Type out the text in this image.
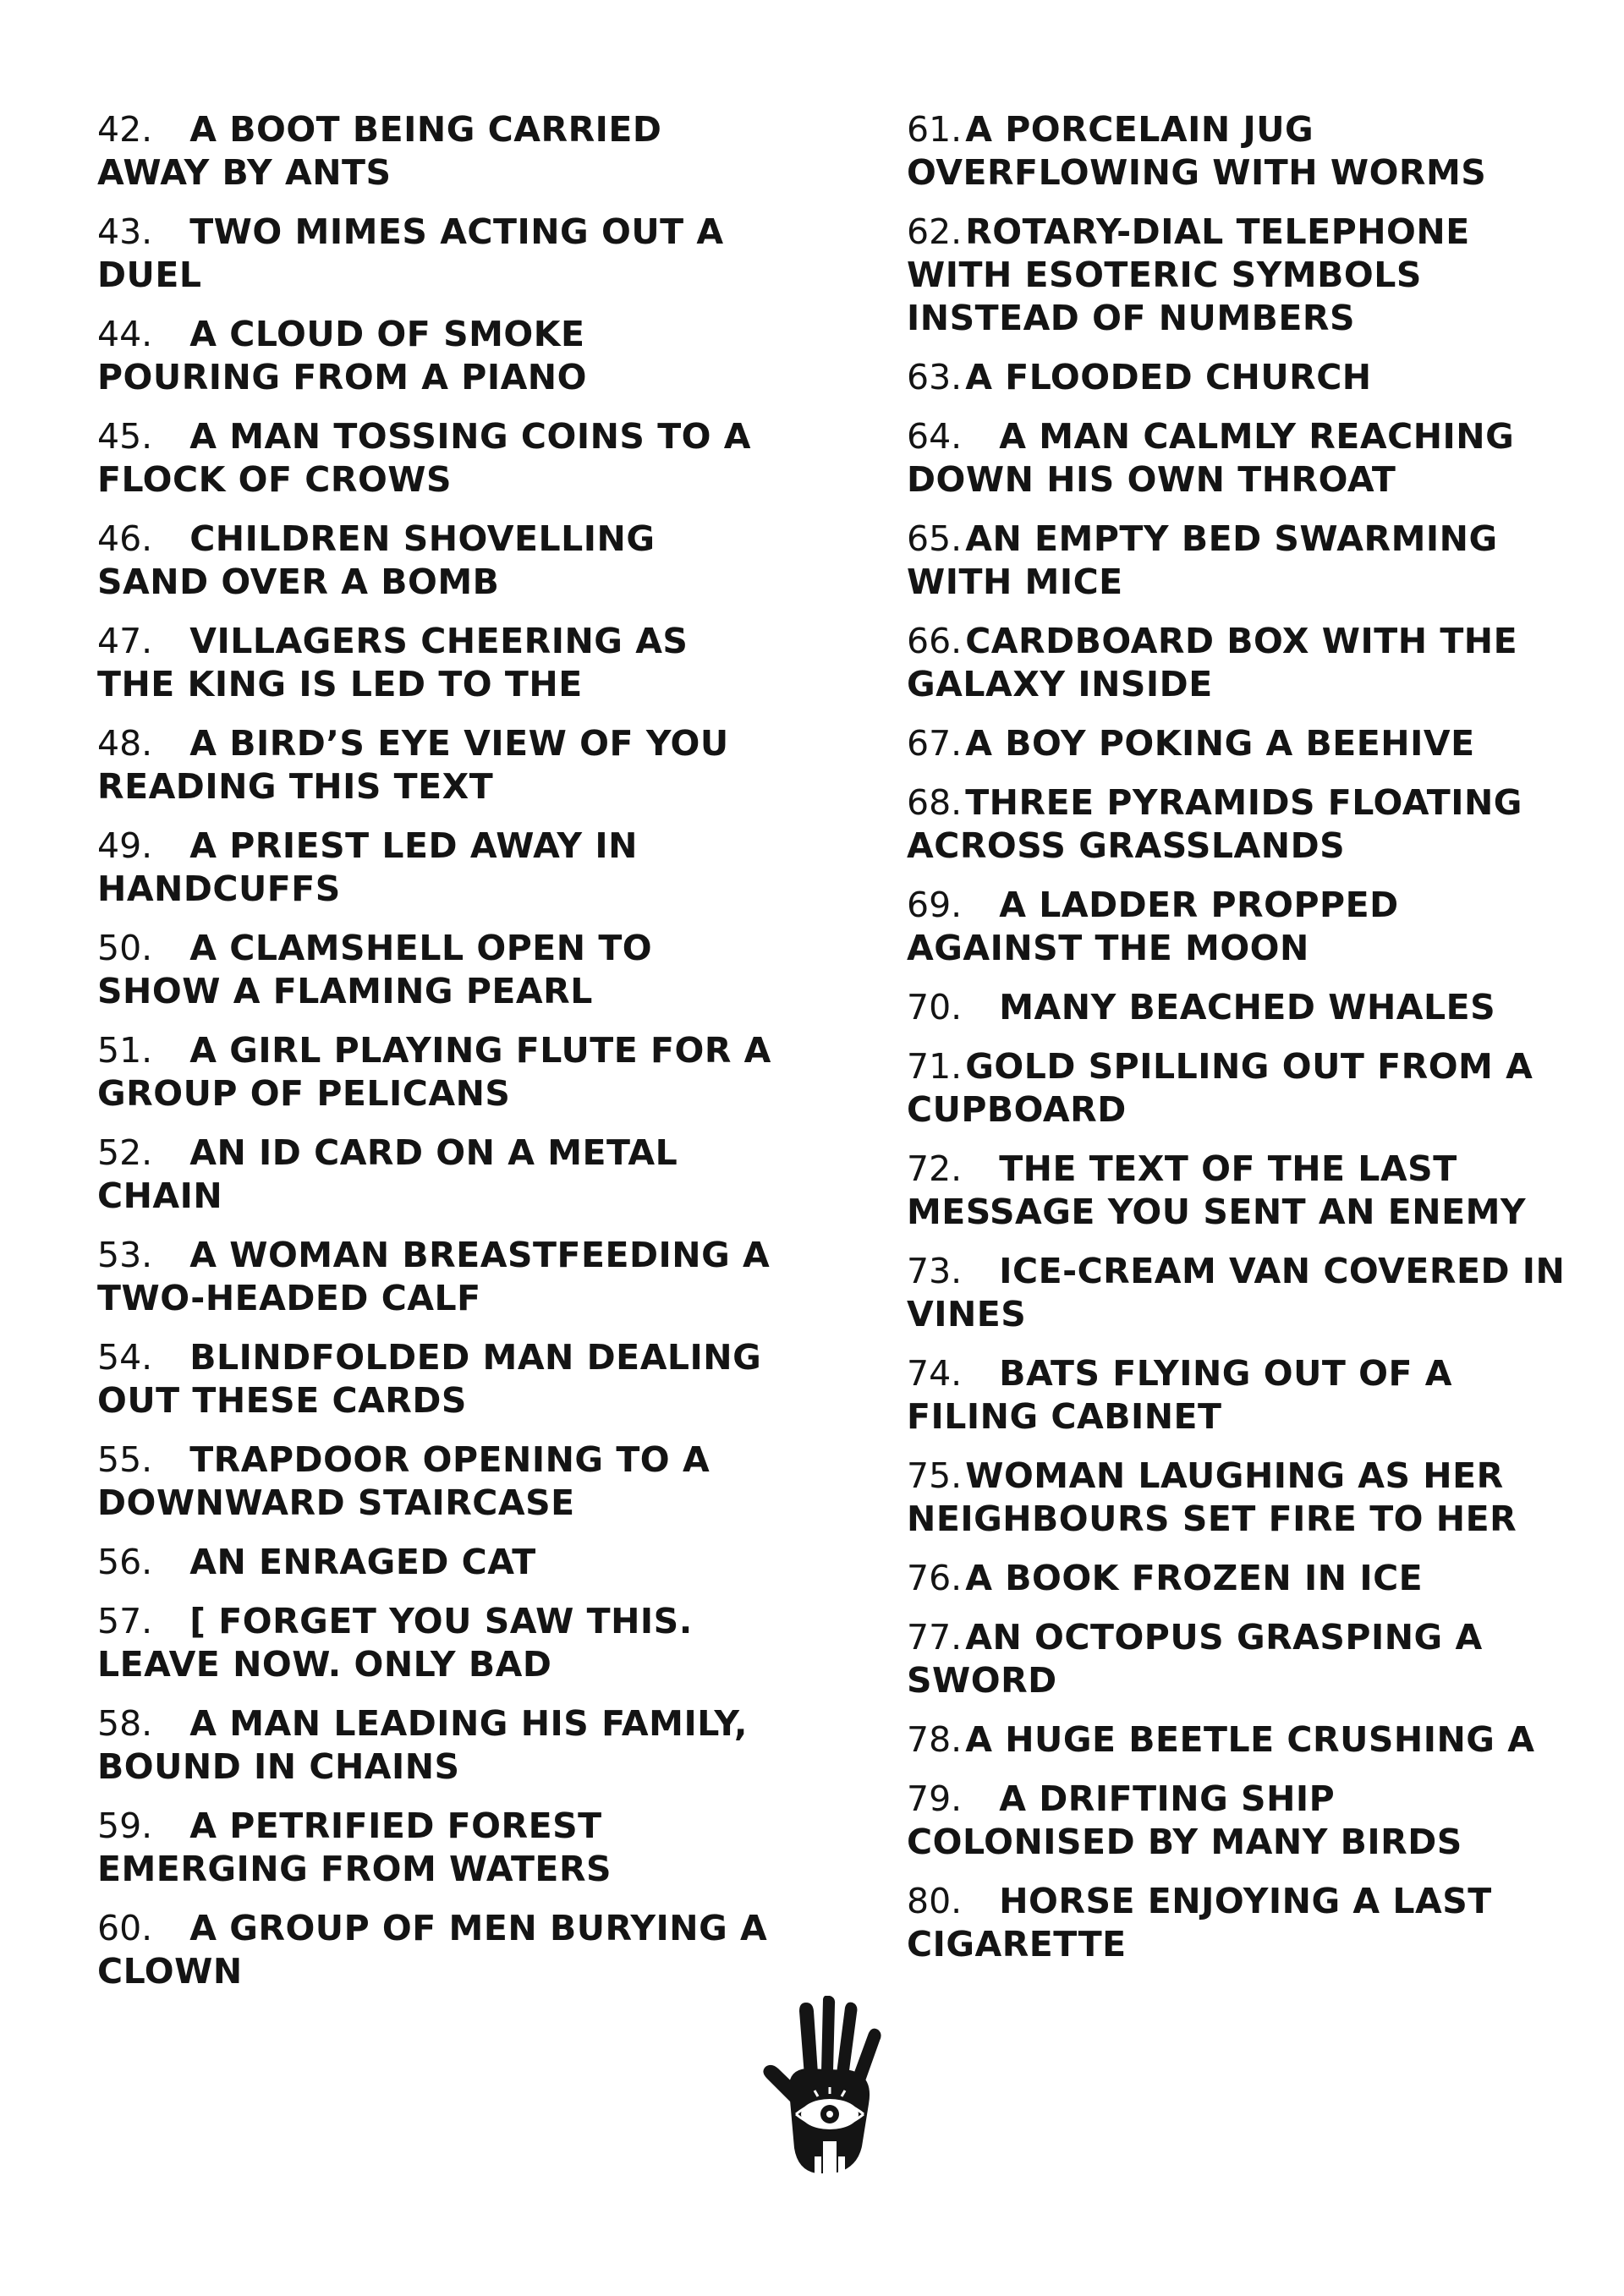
42. A BOOT BEING CARRIED AWAY BY ANTS
43. TWO MIMES ACTING OUT A DUEL
44. A CLOUD OF SMOKE POURING FROM A PIANO
45. A MAN TOSSING COINS TO A FLOCK OF CROWS
46. CHILDREN SHOVELLING SAND OVER A BOMB
47. VILLAGERS CHEERING AS THE KING IS LED TO THE
48. A BIRD’S EYE VIEW OF YOU READING THIS TEXT
49. A PRIEST LED AWAY IN HANDCUFFS
50. A CLAMSHELL OPEN TO SHOW A FLAMING PEARL
51. A GIRL PLAYING FLUTE FOR A GROUP OF PELICANS
52. AN ID CARD ON A METAL CHAIN
53. A WOMAN BREASTFEEDING A TWO-HEADED CALF
54. BLINDFOLDED MAN DEALING OUT THESE CARDS
55. TRAPDOOR OPENING TO A DOWNWARD STAIRCASE
56. AN ENRAGED CAT
57. [ FORGET YOU SAW THIS. LEAVE NOW. ONLY BAD
58. A MAN LEADING HIS FAMILY, BOUND IN CHAINS
59. A PETRIFIED FOREST EMERGING FROM WATERS
60. A GROUP OF MEN BURYING A CLOWN
61.A PORCELAIN JUG OVERFLOWING WITH WORMS
62.ROTARY-DIAL TELEPHONE WITH ESOTERIC SYMBOLS INSTEAD OF NUMBERS
63.A FLOODED CHURCH
64. A MAN CALMLY REACHING DOWN HIS OWN THROAT
65.AN EMPTY BED SWARMING WITH MICE
66.CARDBOARD BOX WITH THE GALAXY INSIDE
67.A BOY POKING A BEEHIVE
68.THREE PYRAMIDS FLOATING ACROSS GRASSLANDS
69. A LADDER PROPPED AGAINST THE MOON
70. MANY BEACHED WHALES
71.GOLD SPILLING OUT FROM A CUPBOARD
72. THE TEXT OF THE LAST MESSAGE YOU SENT AN ENEMY
73. ICE-CREAM VAN COVERED IN VINES
74. BATS FLYING OUT OF A FILING CABINET
75.WOMAN LAUGHING AS HER NEIGHBOURS SET FIRE TO HER
76.A BOOK FROZEN IN ICE
77.AN OCTOPUS GRASPING A SWORD
78.A HUGE BEETLE CRUSHING A
79. A DRIFTING SHIP COLONISED BY MANY BIRDS
80. HORSE ENJOYING A LAST CIGARETTE
